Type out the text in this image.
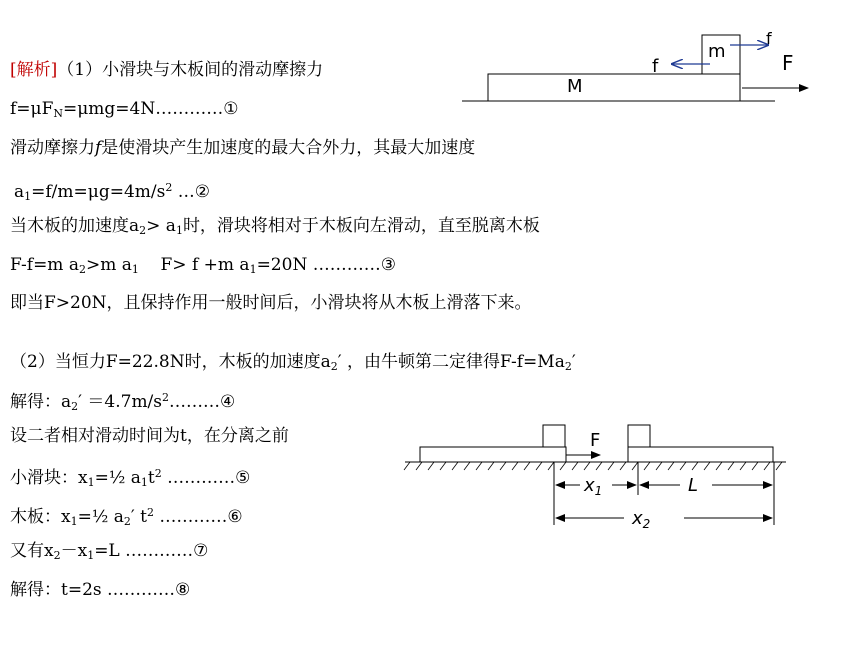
[解析]（1）小滑块与木板间的滑动摩擦力
$f=\mu F_N=\mu mg=4N\dots\dots\dots\dots ①$
滑动摩擦力f是使滑块产生加速度的最大合外力，其最大加速度
$a_1=f/m=\mu g=4m/s^2$ …②
当木板的加速度$a_2> a_1$时，滑块将相对于木板向左滑动，直至脱离木板
F-f=m $a_2>m$ $a_1$    F> f +m $a_1=20N$ …………③
即当F>20N，且保持作用一般时间后，小滑块将从木板上滑落下来。
（2）当恒力F=22.8N时，木板的加速度$a_2'$ ，由牛顿第二定律得$F-f=Ma_2'$
解得：$a_2'$ $=4.7m/s^2\dots\dots\dots ④$
设二者相对滑动时间为t，在分离之前
小滑块：$x_1=\frac{1}{2}$ $a_1t^2$ …………⑤
木板：$x_1=\frac{1}{2}$ $a_2'$ $t^2$ …………⑥
又有$x_2-x_1=L$ …………⑦
解得：t=2s …………⑧
M
m
f
f
F
F
$x_1$	L
$x_2$
